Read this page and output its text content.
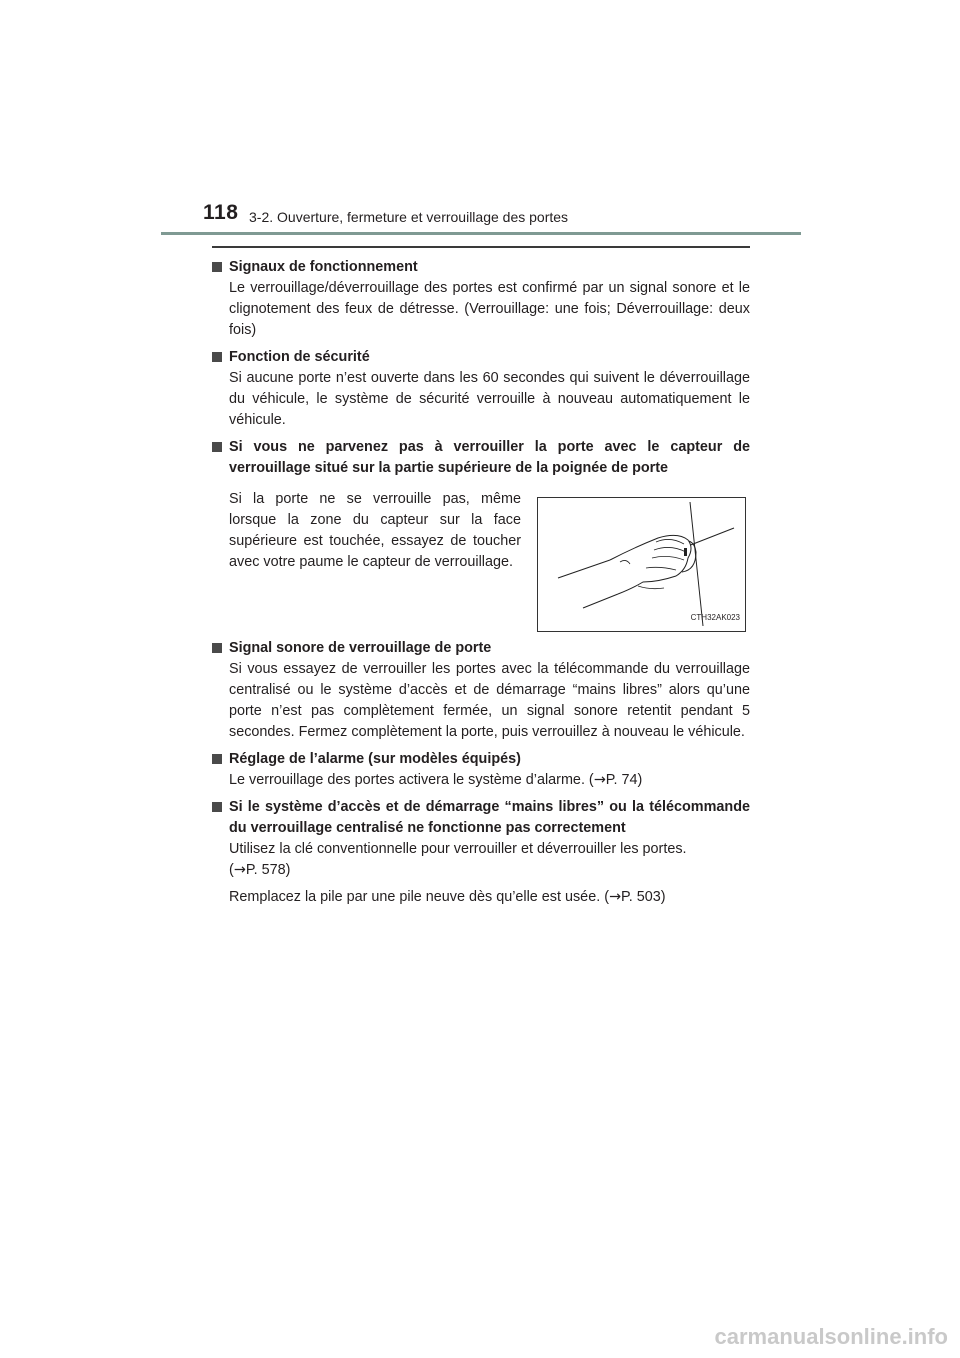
118 3-2. Ouverture, fermeture et verrouillage des portes
Signaux de fonctionnement

Le verrouillage/déverrouillage des portes est confirmé par un signal sonore et le clignotement des feux de détresse. (Verrouillage: une fois; Déverrouillage: deux fois)

Fonction de sécurité

Si aucune porte n’est ouverte dans les 60 secondes qui suivent le déverrouillage du véhicule, le système de sécurité verrouille à nouveau automatiquement le véhicule.

Si vous ne parvenez pas à verrouiller la porte avec le capteur de verrouillage situé sur la partie supérieure de la poignée de porte
Si la porte ne se verrouille pas, même lorsque la zone du capteur sur la face supérieure est touchée, essayez de toucher avec votre paume le capteur de verrouillage.
CTH32AK023
Signal sonore de verrouillage de porte

Si vous essayez de verrouiller les portes avec la télécommande du verrouillage centralisé ou le système d’accès et de démarrage “mains libres” alors qu’une porte n’est pas complètement fermée, un signal sonore retentit pendant 5 secondes. Fermez complètement la porte, puis verrouillez à nouveau le véhicule.

Réglage de l’alarme (sur modèles équipés)

Le verrouillage des portes activera le système d’alarme. (→P. 74)

Si le système d’accès et de démarrage “mains libres” ou la télécommande du verrouillage centralisé ne fonctionne pas correctement

Utilisez la clé conventionnelle pour verrouiller et déverrouiller les portes.
(→P. 578)

Remplacez la pile par une pile neuve dès qu’elle est usée. (→P. 503)

carmanualsonline.info
